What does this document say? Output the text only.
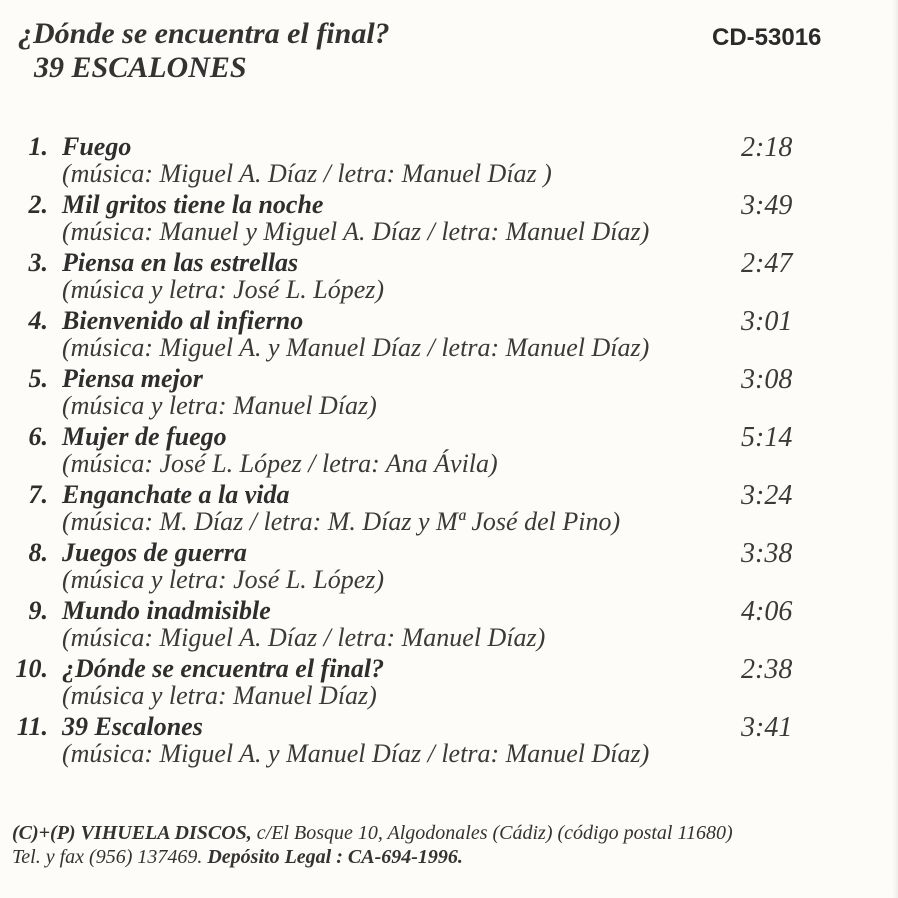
¿Dónde se encuentra el final?
39 ESCALONES
CD-53016
1. Fuego
(música: Miguel A. Díaz / letra: Manuel Díaz )
2:18
2. Mil gritos tiene la noche
(música: Manuel y Miguel A. Díaz / letra: Manuel Díaz)
3:49
3. Piensa en las estrellas
(música y letra: José L. López)
2:47
4. Bienvenido al infierno
(música: Miguel A. y Manuel Díaz / letra: Manuel Díaz)
3:01
5. Piensa mejor
(música y letra: Manuel Díaz)
3:08
6. Mujer de fuego
(música: José L. López / letra: Ana Ávila)
5:14
7. Enganchate a la vida
(música: M. Díaz / letra: M. Díaz y Mª José del Pino)
3:24
8. Juegos de guerra
(música y letra: José L. López)
3:38
9. Mundo inadmisible
(música: Miguel A. Díaz / letra: Manuel Díaz)
4:06
10. ¿Dónde se encuentra el final?
(música y letra: Manuel Díaz)
2:38
11. 39 Escalones
(música: Miguel A. y Manuel Díaz / letra: Manuel Díaz)
3:41
(C)+(P) VIHUELA DISCOS, c/El Bosque 10, Algodonales (Cádiz) (código postal 11680)
Tel. y fax (956) 137469. Depósito Legal : CA-694-1996.
